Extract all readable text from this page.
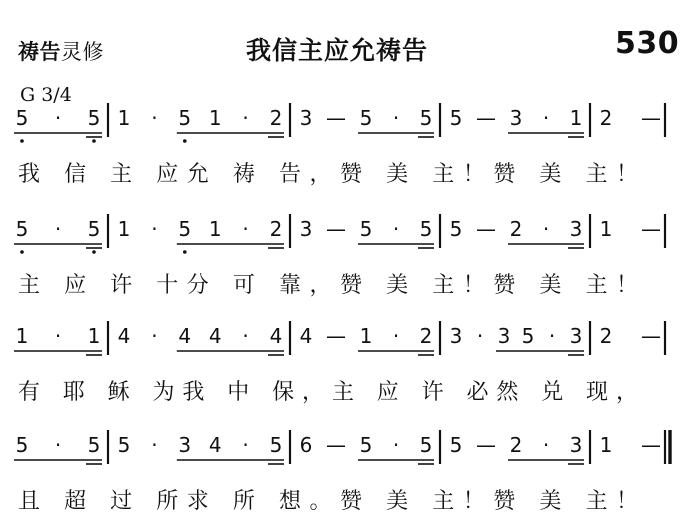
祷告灵修	我信主应允祷告	530
G 3/4
5 · 5 1 · 5 1 · 2 3 — 5 · 5 5 — 3 · 1 2 —
我 信 主 应允 祷 告，赞 美 主！赞 美 主！
5 · 5 1 · 5 1 · 2 3 — 5 · 5 5 — 2 · 3 1 —
主 应 许 十分 可 靠，赞 美 主！赞 美 主！
1 · 1 4 · 4 4 · 4 4 — 1 · 2 3 · 3 5 · 3 2 —
有 耶 稣 为我 中 保，主 应 许 必然 兑 现，
5 · 5 5 · 3 4 · 5 6 — 5 · 5 5 — 2 · 3 1 —
且 超 过 所求 所 想。赞 美 主！赞 美 主！
